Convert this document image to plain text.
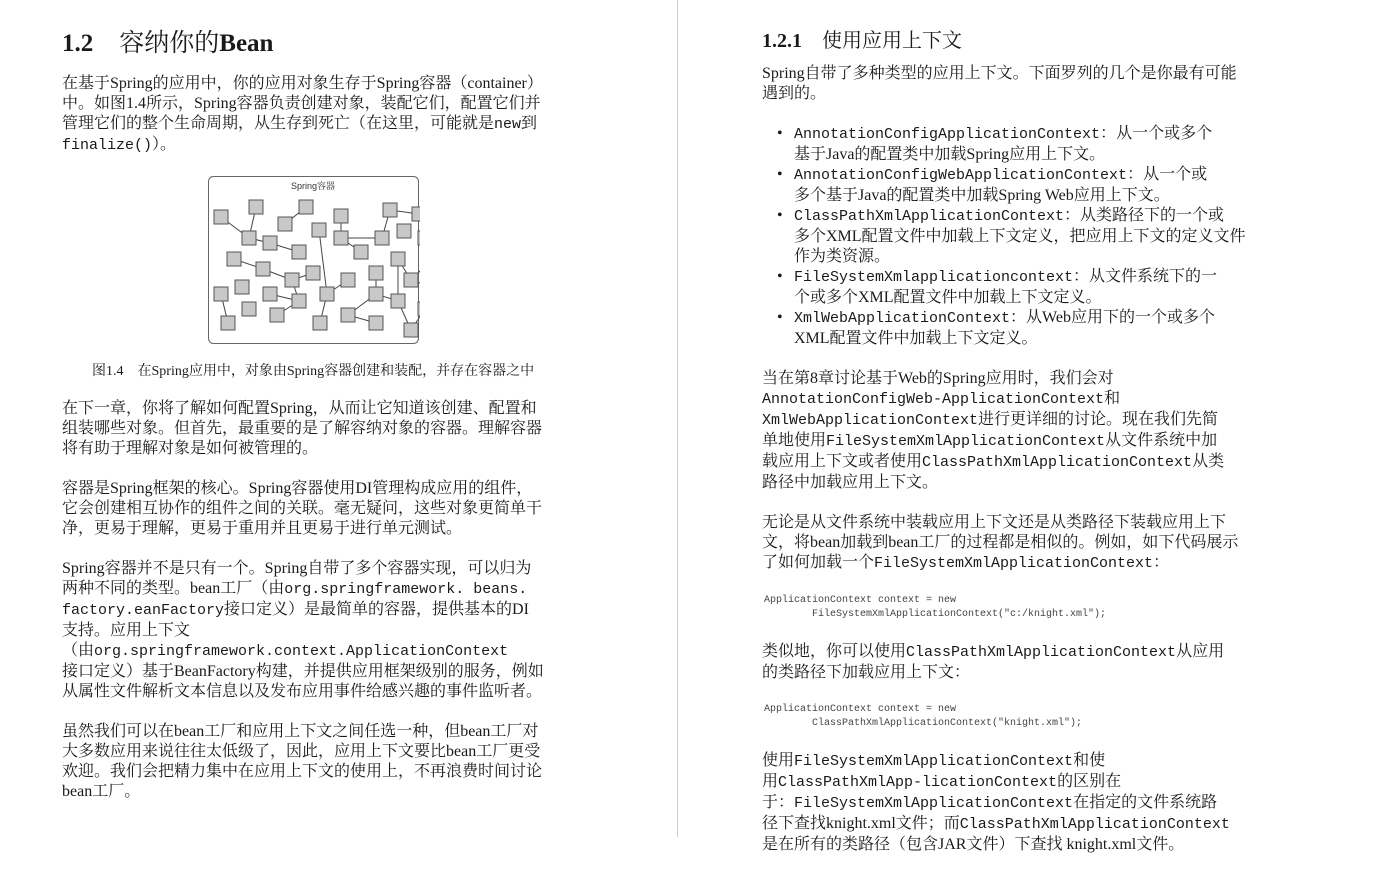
1.2 容纳你的Bean
在基于Spring的应用中，你的应用对象生存于Spring容器（container）
中。如图1.4所示，Spring容器负责创建对象，装配它们，配置它们并
管理它们的整个生命周期，从生存到死亡（在这里，可能就是new到
finalize()）。
Spring容器
图1.4 在Spring应用中，对象由Spring容器创建和装配，并存在容器之中
在下一章，你将了解如何配置Spring，从而让它知道该创建、配置和
组装哪些对象。但首先，最重要的是了解容纳对象的容器。理解容器
将有助于理解对象是如何被管理的。
容器是Spring框架的核心。Spring容器使用DI管理构成应用的组件，
它会创建相互协作的组件之间的关联。毫无疑问，这些对象更简单干
净，更易于理解，更易于重用并且更易于进行单元测试。
Spring容器并不是只有一个。Spring自带了多个容器实现，可以归为
两种不同的类型。bean工厂（由org.springframework. beans.
factory.eanFactory接口定义）是最简单的容器，提供基本的DI
支持。应用上下文
（由org.springframework.context.ApplicationContext
接口定义）基于BeanFactory构建，并提供应用框架级别的服务，例如
从属性文件解析文本信息以及发布应用事件给感兴趣的事件监听者。
虽然我们可以在bean工厂和应用上下文之间任选一种，但bean工厂对
大多数应用来说往往太低级了，因此，应用上下文要比bean工厂更受
欢迎。我们会把精力集中在应用上下文的使用上，不再浪费时间讨论
bean工厂。
1.2.1 使用应用上下文
Spring自带了多种类型的应用上下文。下面罗列的几个是你最有可能
遇到的。
• AnnotationConfigApplicationContext：从一个或多个
基于Java的配置类中加载Spring应用上下文。
• AnnotationConfigWebApplicationContext：从一个或
多个基于Java的配置类中加载Spring Web应用上下文。
• ClassPathXmlApplicationContext：从类路径下的一个或
多个XML配置文件中加载上下文定义，把应用上下文的定义文件
作为类资源。
• FileSystemXmlapplicationcontext：从文件系统下的一
个或多个XML配置文件中加载上下文定义。
• XmlWebApplicationContext：从Web应用下的一个或多个
XML配置文件中加载上下文定义。
当在第8章讨论基于Web的Spring应用时，我们会对
AnnotationConfigWeb-ApplicationContext和
XmlWebApplicationContext进行更详细的讨论。现在我们先简
单地使用FileSystemXmlApplicationContext从文件系统中加
载应用上下文或者使用ClassPathXmlApplicationContext从类
路径中加载应用上下文。
无论是从文件系统中装载应用上下文还是从类路径下装载应用上下
文，将bean加载到bean工厂的过程都是相似的。例如，如下代码展示
了如何加载一个FileSystemXmlApplicationContext：
ApplicationContext context = new
FileSystemXmlApplicationContext("c:/knight.xml");
类似地，你可以使用ClassPathXmlApplicationContext从应用
的类路径下加载应用上下文：
ApplicationContext context = new
ClassPathXmlApplicationContext("knight.xml");
使用FileSystemXmlApplicationContext和使
用ClassPathXmlApp-licationContext的区别在
于：FileSystemXmlApplicationContext在指定的文件系统路
径下查找knight.xml文件；而ClassPathXmlApplicationContext
是在所有的类路径（包含JAR文件）下查找 knight.xml文件。
